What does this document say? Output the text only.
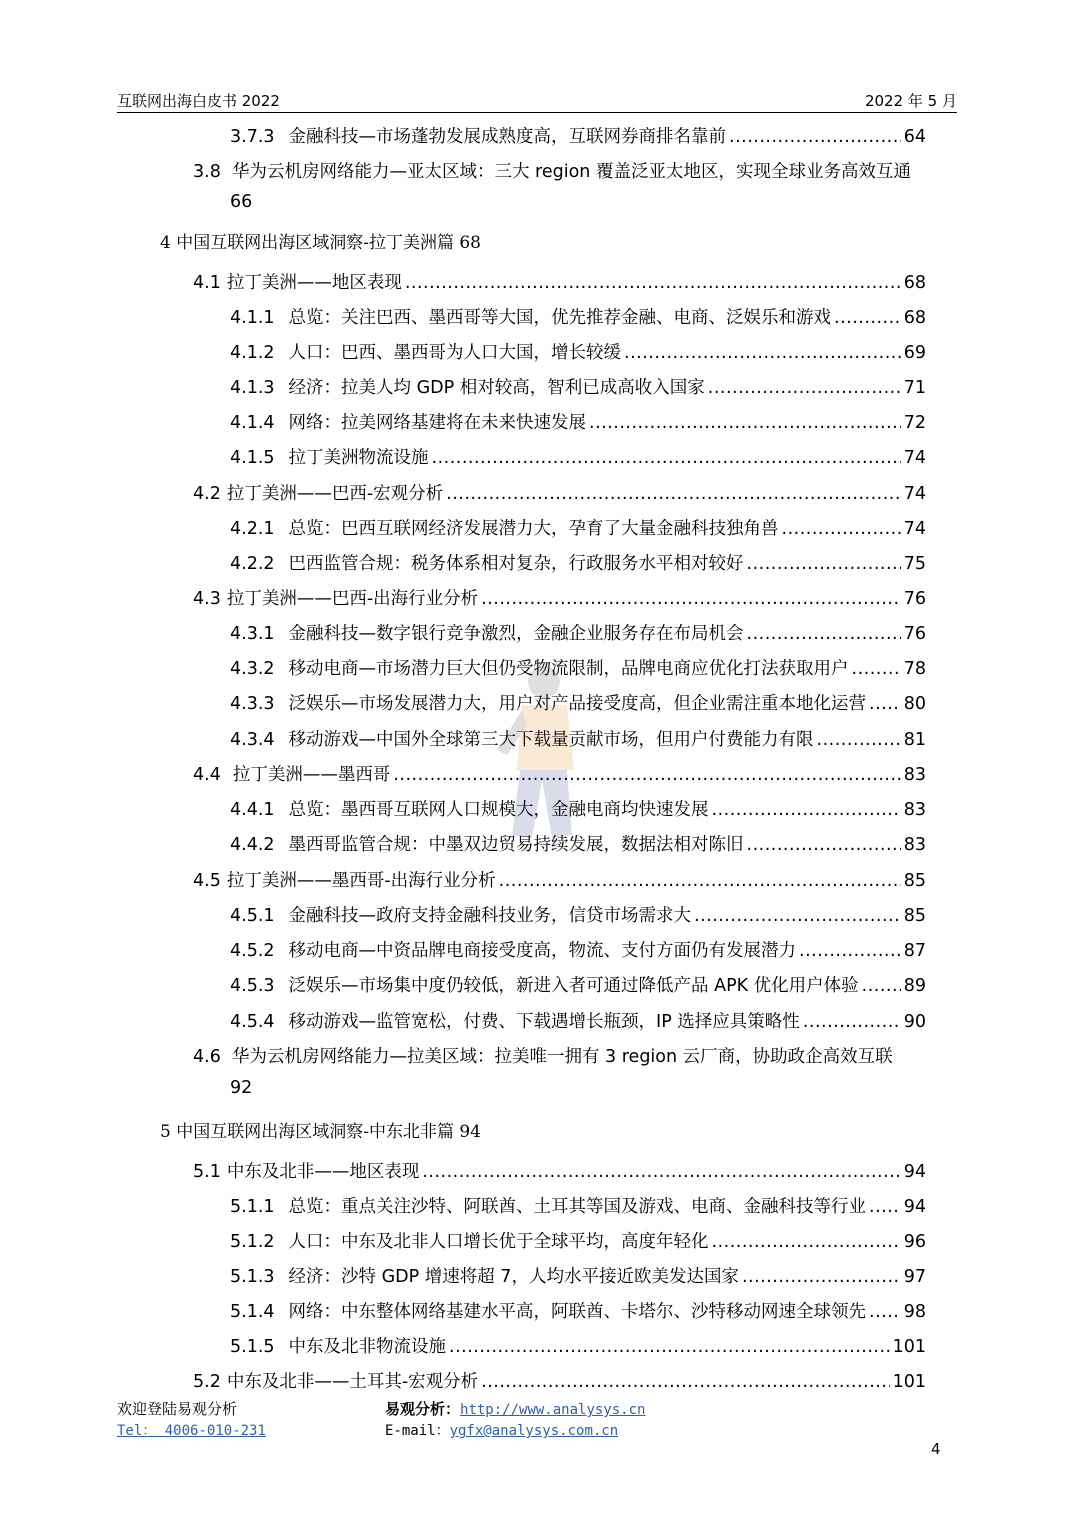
互联网出海白皮书 2022	2022 年 5 月
3.7.3 金融科技—市场蓬勃发展成熟度高，互联网券商排名靠前 .....	64
3.8 华为云机房网络能力—亚太区域：三大 region 覆盖泛亚太地区，实现全球业务高效互通
66
4 中国互联网出海区域洞察-拉丁美洲篇 68
4.1 拉丁美洲——地区表现 .....	68
4.1.1 总览：关注巴西、墨西哥等大国，优先推荐金融、电商、泛娱乐和游戏 .....	68
4.1.2 人口：巴西、墨西哥为人口大国，增长较缓 .....	69
4.1.3 经济：拉美人均 GDP 相对较高，智利已成高收入国家 .....	71
4.1.4 网络：拉美网络基建将在未来快速发展 .....	72
4.1.5 拉丁美洲物流设施 .....	74
4.2 拉丁美洲——巴西-宏观分析 .....	74
4.2.1 总览：巴西互联网经济发展潜力大，孕育了大量金融科技独角兽 .....	74
4.2.2 巴西监管合规：税务体系相对复杂，行政服务水平相对较好 .....	75
4.3 拉丁美洲——巴西-出海行业分析 .....	76
4.3.1 金融科技—数字银行竞争激烈，金融企业服务存在布局机会 .....	76
4.3.2 移动电商—市场潜力巨大但仍受物流限制，品牌电商应优化打法获取用户 .....	78
4.3.3 泛娱乐—市场发展潜力大，用户对产品接受度高，但企业需注重本地化运营 ..... 80
4.3.4 移动游戏—中国外全球第三大下载量贡献市场，但用户付费能力有限 .....	81
4.4 拉丁美洲——墨西哥 .....	83
4.4.1 总览：墨西哥互联网人口规模大，金融电商均快速发展 .....	83
4.4.2 墨西哥监管合规：中墨双边贸易持续发展，数据法相对陈旧 .....	83
4.5 拉丁美洲——墨西哥-出海行业分析 .....	85
4.5.1 金融科技—政府支持金融科技业务，信贷市场需求大 .....	85
4.5.2 移动电商—中资品牌电商接受度高，物流、支付方面仍有发展潜力 .....	87
4.5.3 泛娱乐—市场集中度仍较低，新进入者可通过降低产品 APK 优化用户体验 .....	89
4.5.4 移动游戏—监管宽松，付费、下载遇增长瓶颈，IP 选择应具策略性 .....	90
4.6 华为云机房网络能力—拉美区域：拉美唯一拥有 3 region 云厂商，协助政企高效互联
92
5 中国互联网出海区域洞察-中东北非篇 94
5.1 中东及北非——地区表现 .....	94
5.1.1 总览：重点关注沙特、阿联酋、土耳其等国及游戏、电商、金融科技等行业 ..... 94
5.1.2 人口：中东及北非人口增长优于全球平均，高度年轻化 .....	96
5.1.3 经济：沙特 GDP 增速将超 7，人均水平接近欧美发达国家 .....	97
5.1.4 网络：中东整体网络基建水平高，阿联酋、卡塔尔、沙特移动网速全球领先 ..... 98
5.1.5 中东及北非物流设施 .....	101
5.2 中东及北非——土耳其-宏观分析 .....	101
欢迎登陆易观分析
Tel： 4006-010-231
易观分析：http://www.analysys.cn
E-mail：ygfx@analysys.com.cn
4
